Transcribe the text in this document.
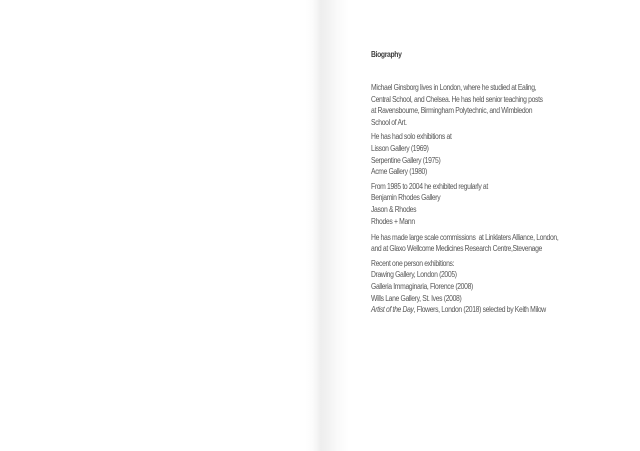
Biography
Michael Ginsborg lives in London, where he studied at Ealing,
Central School, and Chelsea. He has held senior teaching posts
at Ravensbourne, Birmingham Polytechnic, and Wimbledon
School of Art.
He has had solo exhibitions at
Lisson Gallery (1969)
Serpentine Gallery (1975)
Acme Gallery (1980)
From 1985 to 2004 he exhibited regularly at
Benjamin Rhodes Gallery
Jason & Rhodes
Rhodes + Mann
He has made large scale commissions  at Linklaters Alliance, London,
and at Glaxo Wellcome Medicines Research Centre,Stevenage
Recent one person exhibitions:
Drawing Gallery, London (2005)
Galleria Immaginaria, Florence (2008)
Wills Lane Gallery, St. Ives (2008)
Artist of the Day, Flowers, London (2018) selected by Keith Milow
